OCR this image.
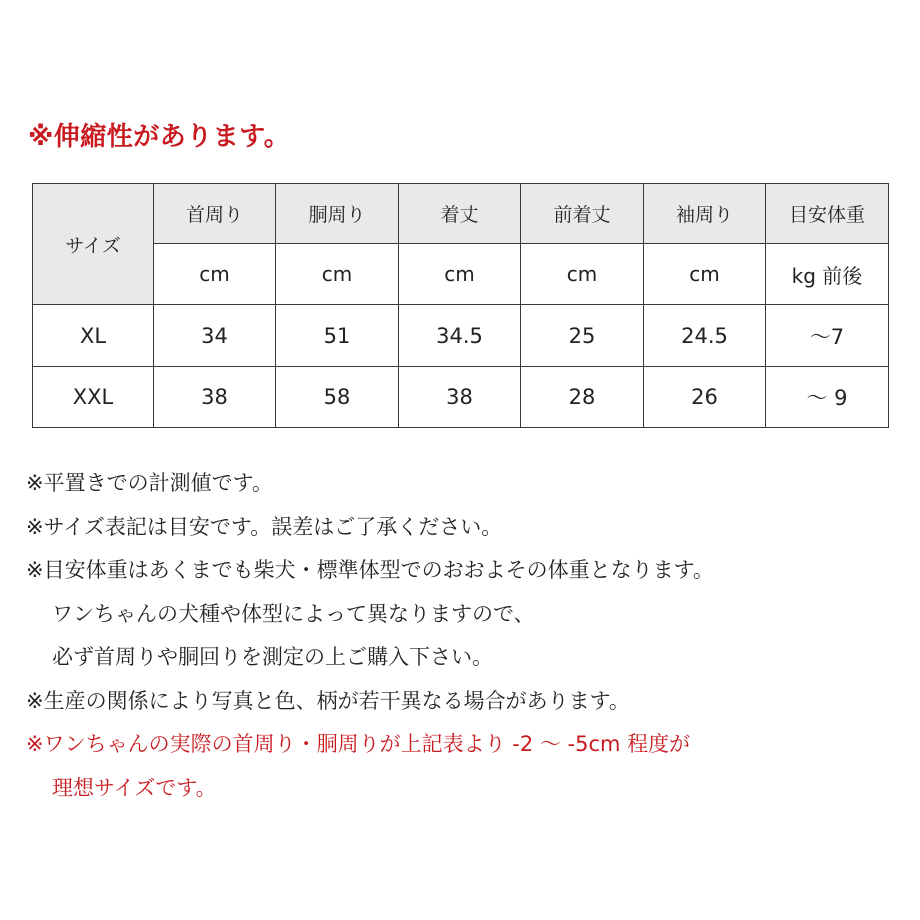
※伸縮性があります。
サイズ	首周り	胴周り	着丈	前着丈	袖周り	目安体重
	cm	cm	cm	cm	cm	kg 前後
XL	34	51	34.5	25	24.5	～7
XXL	38	58	38	28	26	～ 9
※平置きでの計測値です。
※サイズ表記は目安です。誤差はご了承ください。
※目安体重はあくまでも柴犬・標準体型でのおおよその体重となります。
ワンちゃんの犬種や体型によって異なりますので、
必ず首周りや胴回りを測定の上ご購入下さい。
※生産の関係により写真と色、柄が若干異なる場合があります。
※ワンちゃんの実際の首周り・胴周りが上記表より -2 ～ -5cm 程度が
理想サイズです。
